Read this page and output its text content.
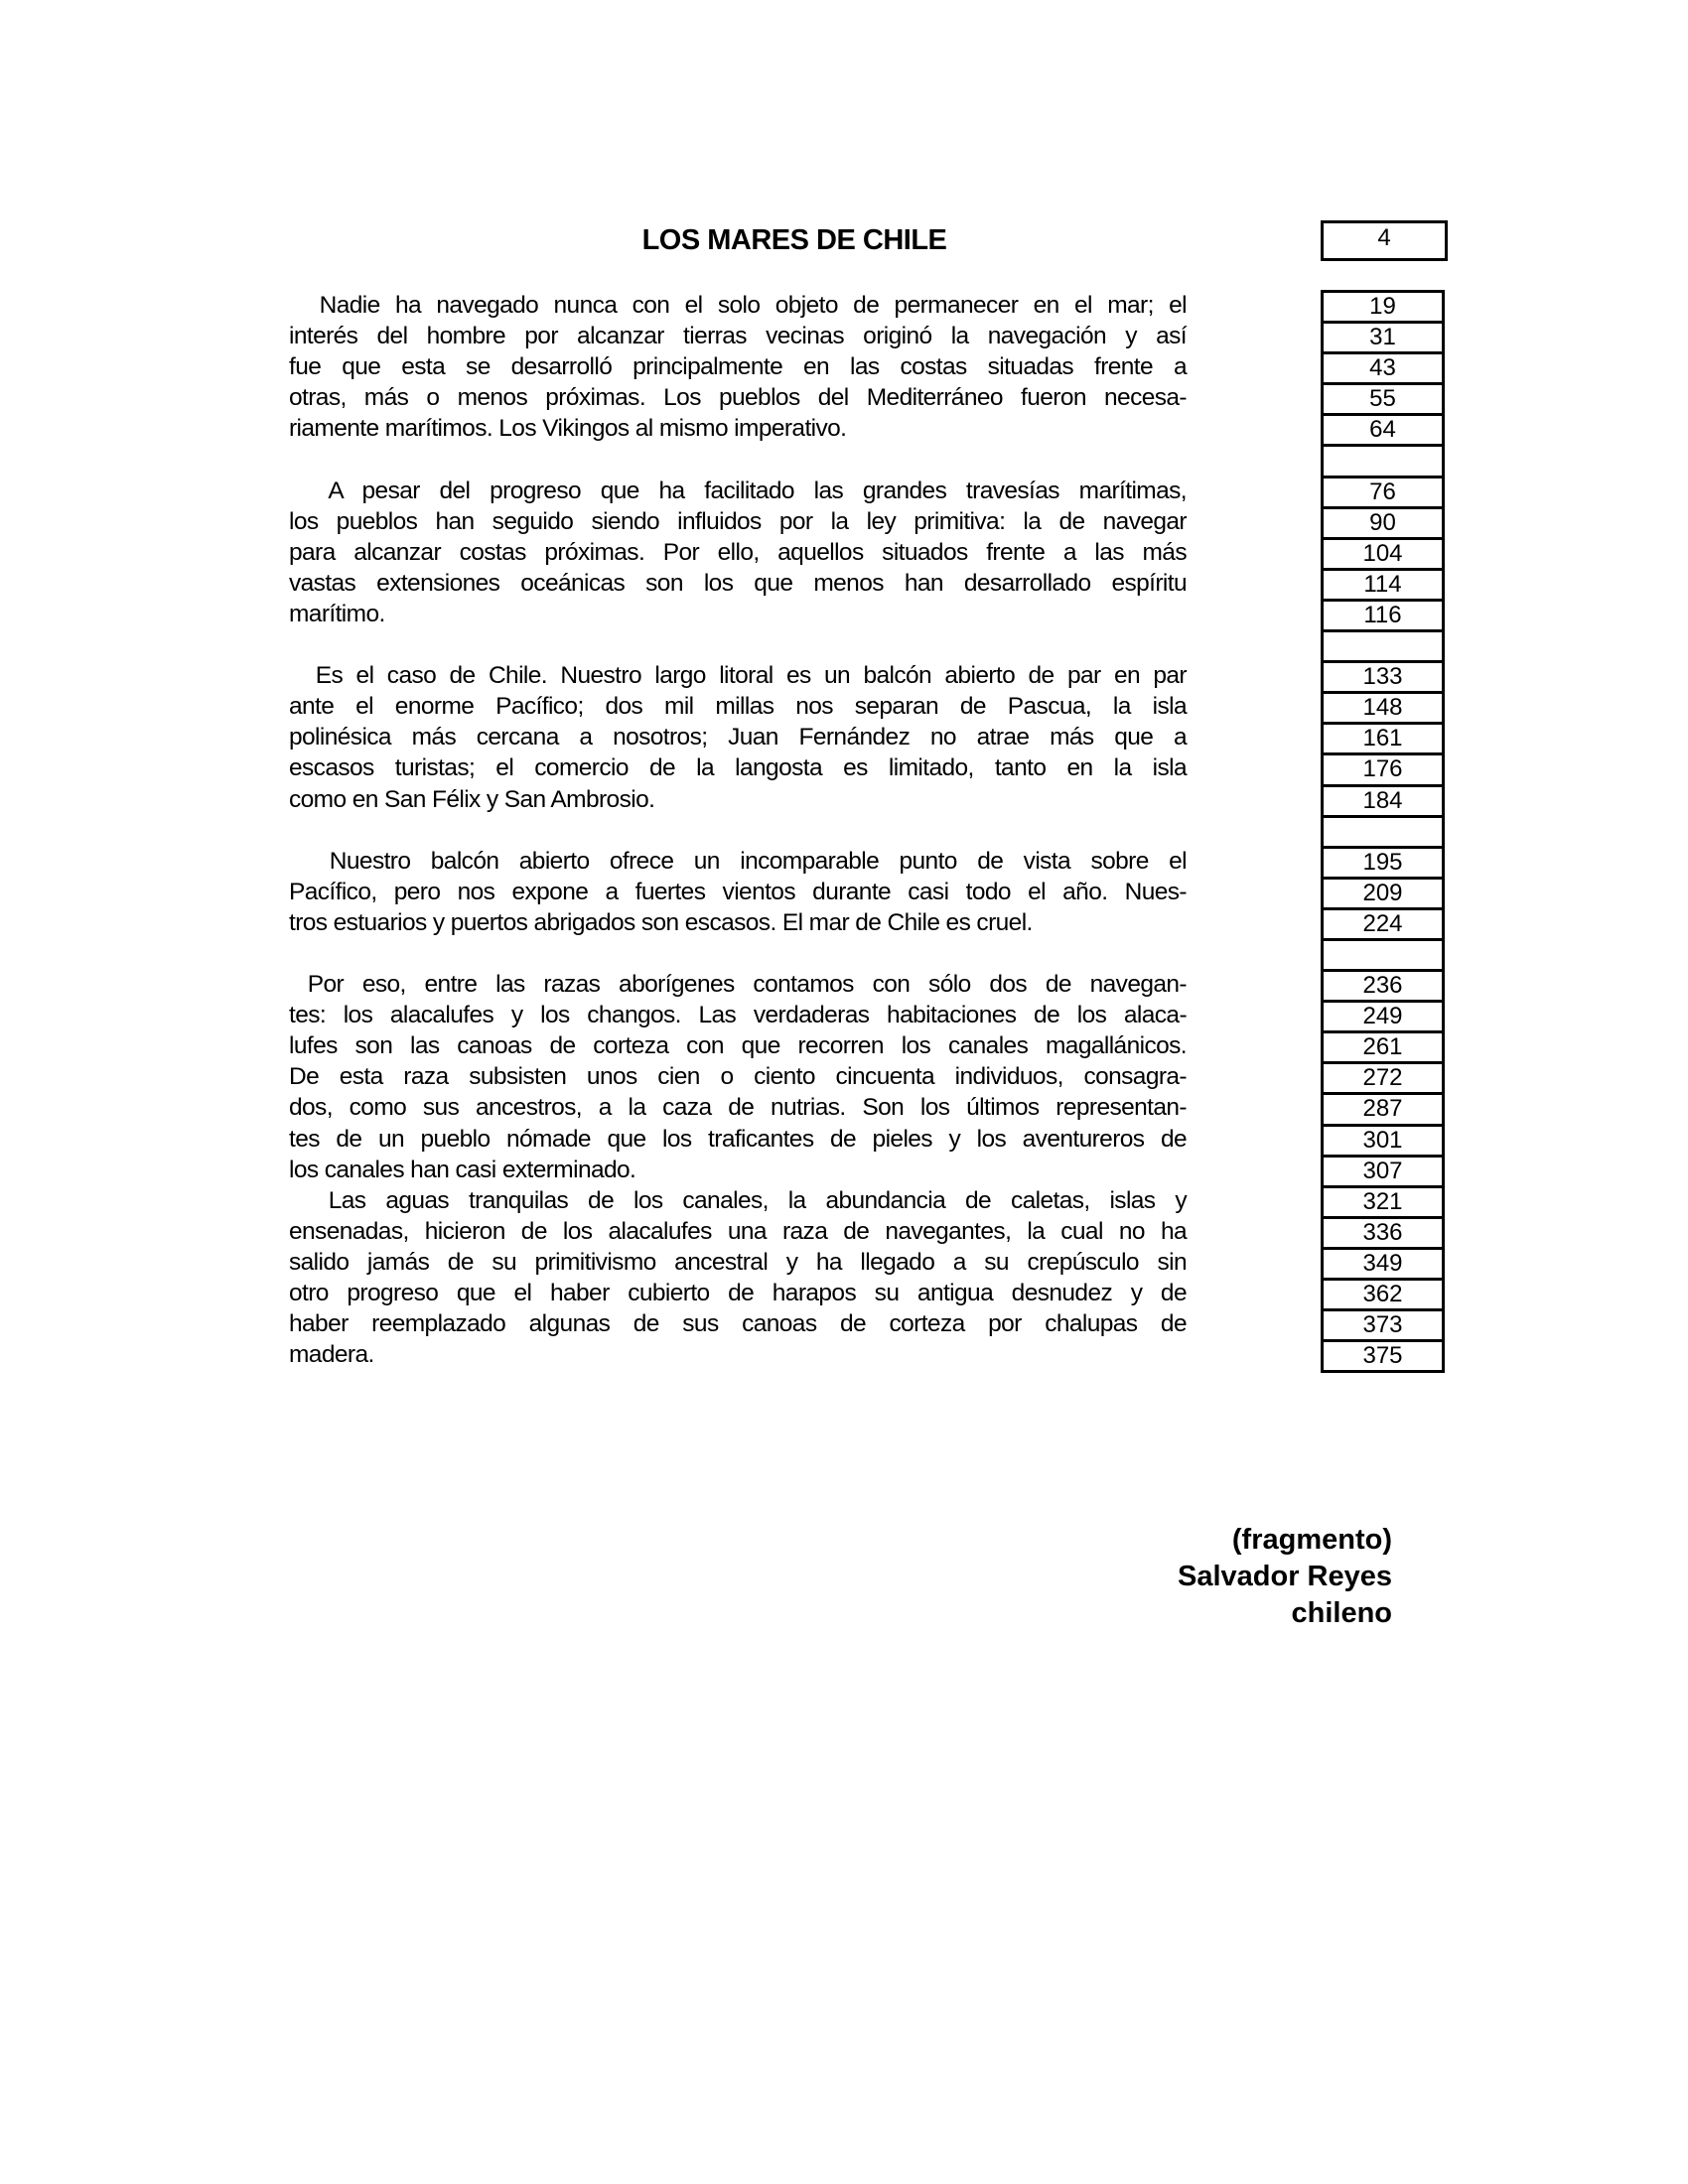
LOS MARES DE CHILE	4
Nadie ha navegado nunca con el solo objeto de permanecer en el mar; el
interés del hombre por alcanzar tierras vecinas originó la navegación y así
fue que esta se desarrolló principalmente en las costas situadas frente a
otras, más o menos próximas. Los pueblos del Mediterráneo fueron necesa-
riamente marítimos. Los Vikingos al mismo imperativo.
A pesar del progreso que ha facilitado las grandes travesías marítimas,
los pueblos han seguido siendo influidos por la ley primitiva: la de navegar
para alcanzar costas próximas. Por ello, aquellos situados frente a las más
vastas extensiones oceánicas son los que menos han desarrollado espíritu
marítimo.
Es el caso de Chile. Nuestro largo litoral es un balcón abierto de par en par
ante el enorme Pacífico; dos mil millas nos separan de Pascua, la isla
polinésica más cercana a nosotros; Juan Fernández no atrae más que a
escasos turistas; el comercio de la langosta es limitado, tanto en la isla
como en San Félix y San Ambrosio.
Nuestro balcón abierto ofrece un incomparable punto de vista sobre el
Pacífico, pero nos expone a fuertes vientos durante casi todo el año. Nues-
tros estuarios y puertos abrigados son escasos. El mar de Chile es cruel.
Por eso, entre las razas aborígenes contamos con sólo dos de navegan-
tes: los alacalufes y los changos. Las verdaderas habitaciones de los alaca-
lufes son las canoas de corteza con que recorren los canales magallánicos.
De esta raza subsisten unos cien o ciento cincuenta individuos, consagra-
dos, como sus ancestros, a la caza de nutrias. Son los últimos representan-
tes de un pueblo nómade que los traficantes de pieles y los aventureros de
los canales han casi exterminado.
Las aguas tranquilas de los canales, la abundancia de caletas, islas y
ensenadas, hicieron de los alacalufes una raza de navegantes, la cual no ha
salido jamás de su primitivismo ancestral y ha llegado a su crepúsculo sin
otro progreso que el haber cubierto de harapos su antigua desnudez y de
haber reemplazado algunas de sus canoas de corteza por chalupas de
madera.
19
31
43
55
64
76
90
104
114
116
133
148
161
176
184
195
209
224
236
249
261
272
287
301
307
321
336
349
362
373
375
(fragmento)
Salvador Reyes
chileno
